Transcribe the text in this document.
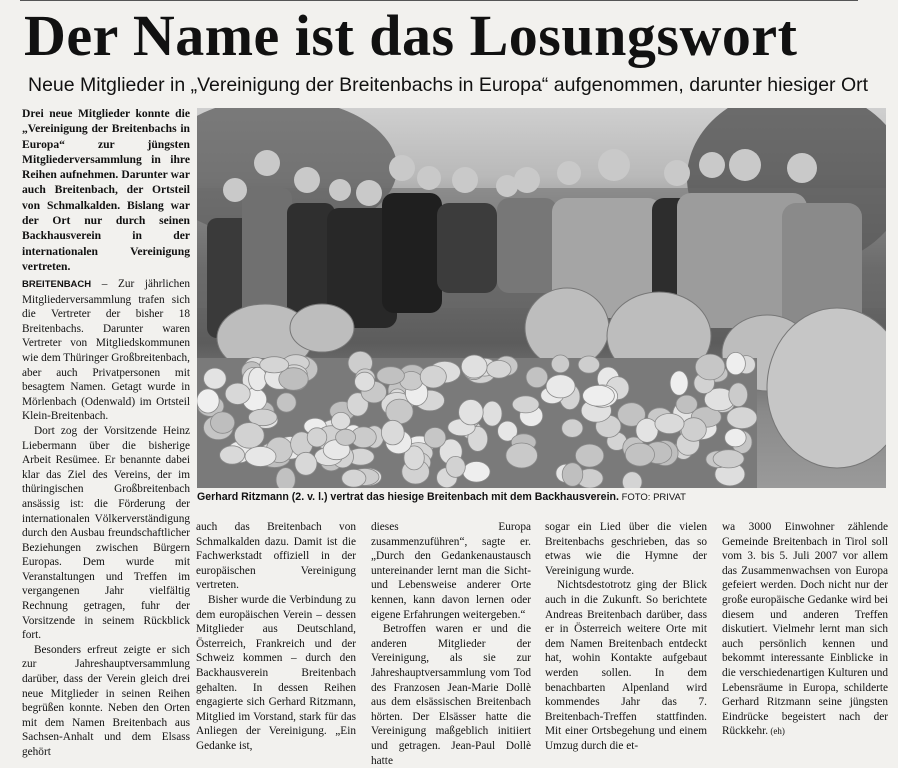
Der Name ist das Losungswort
Neue Mitglieder in „Vereinigung der Breitenbachs in Europa“ aufgenommen, darunter hiesiger Ort

Drei neue Mitglieder konnte die „Vereinigung der Breitenbachs in Europa“ zur jüngsten Mitgliederversammlung in ihre Reihen aufnehmen. Darunter war auch Breitenbach, der Ortsteil von Schmalkalden. Bislang war der Ort nur durch seinen Backhausverein in der internationalen Vereinigung vertreten.

BREITENBACH – Zur jährlichen Mitgliederversammlung trafen sich die Vertreter der bisher 18 Breitenbachs. Darunter waren Vertreter von Mitgliedskommunen wie dem Thüringer Großbreitenbach, aber auch Privatpersonen mit besagtem Namen. Getagt wurde in Mörlenbach (Odenwald) im Ortsteil Klein-Breitenbach.

Dort zog der Vorsitzende Heinz Liebermann über die bisherige Arbeit Resümee. Er benannte dabei klar das Ziel des Vereins, der im thüringischen Großbreitenbach ansässig ist: die Förderung der internationalen Völkerverständigung durch den Ausbau freundschaftlicher Beziehungen zwischen Bürgern Europas. Dem wurde mit Veranstaltungen und Treffen im vergangenen Jahr vielfältig Rechnung getragen, fuhr der Vorsitzende in seinem Rückblick fort.

Besonders erfreut zeigte er sich zur Jahreshauptversammlung darüber, dass der Verein gleich drei neue Mitglieder in seinen Reihen begrüßen konnte. Neben den Orten mit dem Namen Breitenbach aus Sachsen-Anhalt und dem Elsass gehört

Gerhard Ritzmann (2. v. l.) vertrat das hiesige Breitenbach mit dem Backhausverein. FOTO: PRIVAT

auch das Breitenbach von Schmalkalden dazu. Damit ist die Fachwerkstadt offiziell in der europäischen Vereinigung vertreten.

Bisher wurde die Verbindung zu dem europäischen Verein – dessen Mitglieder aus Deutschland, Österreich, Frankreich und der Schweiz kommen – durch den Backhausverein Breitenbach gehalten. In dessen Reihen engagierte sich Gerhard Ritzmann, Mitglied im Vorstand, stark für das Anliegen der Vereinigung. „Ein Gedanke ist,

dieses Europa zusammenzuführen“, sagte er. „Durch den Gedankenaustausch untereinander lernt man die Sicht- und Lebensweise anderer Orte kennen, kann davon lernen oder eigene Erfahrungen weitergeben.“

Betroffen waren er und die anderen Mitglieder der Vereinigung, als sie zur Jahreshauptversammlung vom Tod des Franzosen Jean-Marie Dollè aus dem elsässischen Breitenbach hörten. Der Elsässer hatte die Vereinigung maßgeblich initiiert und getragen. Jean-Paul Dollè hatte

sogar ein Lied über die vielen Breitenbachs geschrieben, das so etwas wie die Hymne der Vereinigung wurde.

Nichtsdestotrotz ging der Blick auch in die Zukunft. So berichtete Andreas Breitenbach darüber, dass er in Österreich weitere Orte mit dem Namen Breitenbach entdeckt hat, wohin Kontakte aufgebaut werden sollen. In dem benachbarten Alpenland wird kommendes Jahr das 7. Breitenbach-Treffen stattfinden. Mit einer Ortsbegehung und einem Umzug durch die et-

wa 3000 Einwohner zählende Gemeinde Breitenbach in Tirol soll vom 3. bis 5. Juli 2007 vor allem das Zusammenwachsen von Europa gefeiert werden. Doch nicht nur der große europäische Gedanke wird bei diesem und anderen Treffen diskutiert. Vielmehr lernt man sich auch persönlich kennen und bekommt interessante Einblicke in die verschiedenartigen Kulturen und Lebensräume in Europa, schilderte Gerhard Ritzmann seine jüngsten Eindrücke begeistert nach der Rückkehr. (eh)
